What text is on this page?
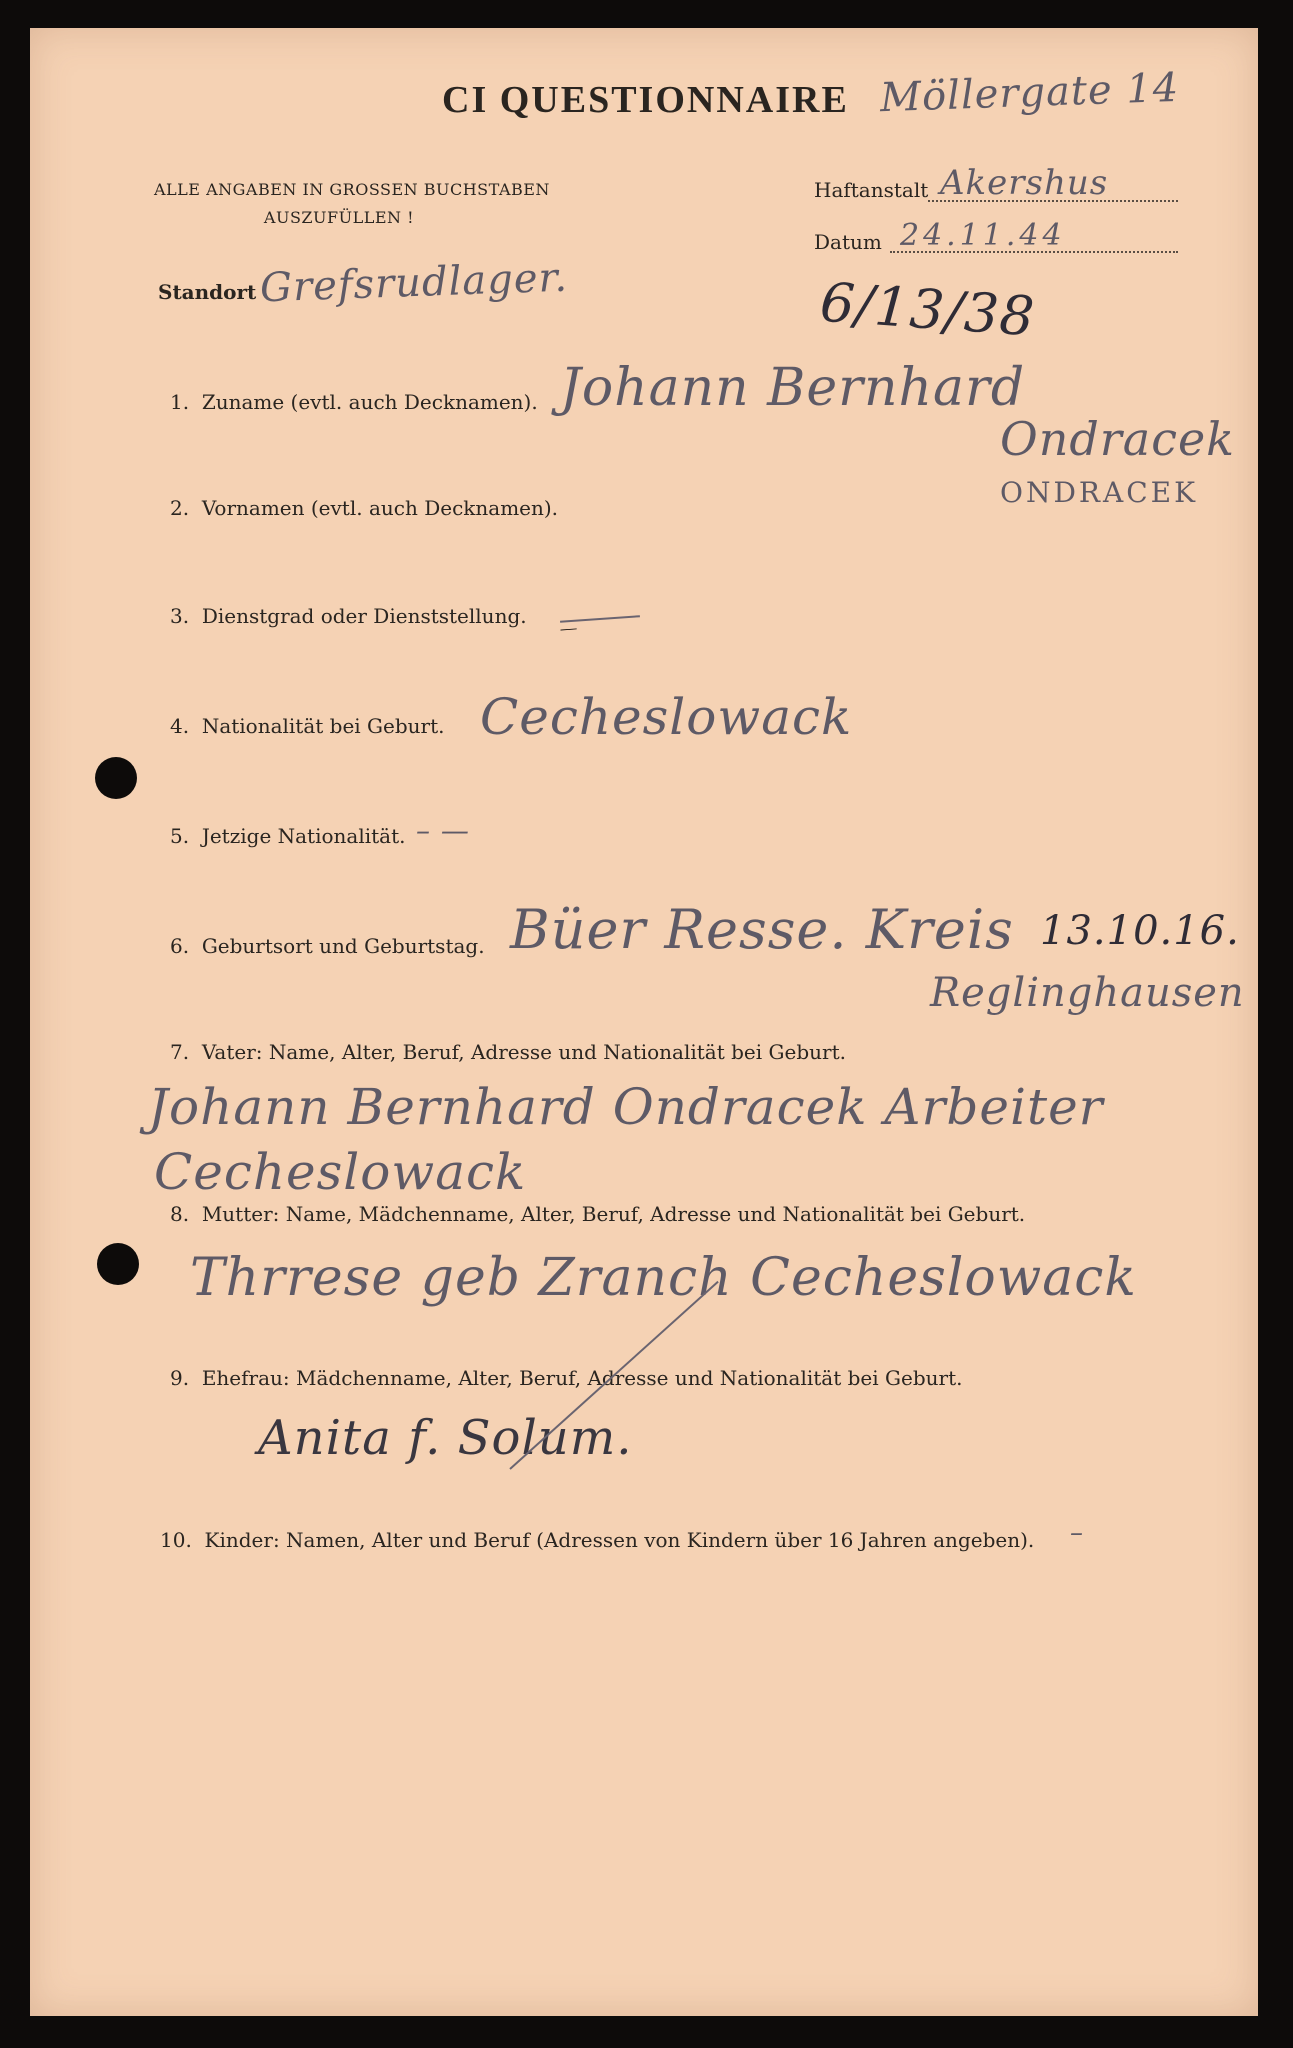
CI QUESTIONNAIRE Möllergate 14
ALLE ANGABEN IN GROSSEN BUCHSTABEN
AUSZUFÜLLEN !
Haftanstalt Akershus
Datum 24.11.44
Standort Grefsrudlager.	6/13/38
1. Zuname (evtl. auch Decknamen). Johann Bernhard
2. Vornamen (evtl. auch Decknamen).
Ondracek
ONDRACEK
3. Dienstgrad oder Dienststellung.
—
4. Nationalität bei Geburt. Cecheslowack
5. Jetzige Nationalität. – —
6. Geburtsort und Geburtstag. Büer Resse. Kreis 13.10.16.
Reglinghausen
7. Vater: Name, Alter, Beruf, Adresse und Nationalität bei Geburt.
Johann Bernhard Ondracek Arbeiter
Cecheslowack
8. Mutter: Name, Mädchenname, Alter, Beruf, Adresse und Nationalität bei Geburt.
Thrrese geb Zranch Cecheslowack
9. Ehefrau: Mädchenname, Alter, Beruf, Adresse und Nationalität bei Geburt.
Anita f. Solum.
10. Kinder: Namen, Alter und Beruf (Adressen von Kindern über 16 Jahren angeben). –
